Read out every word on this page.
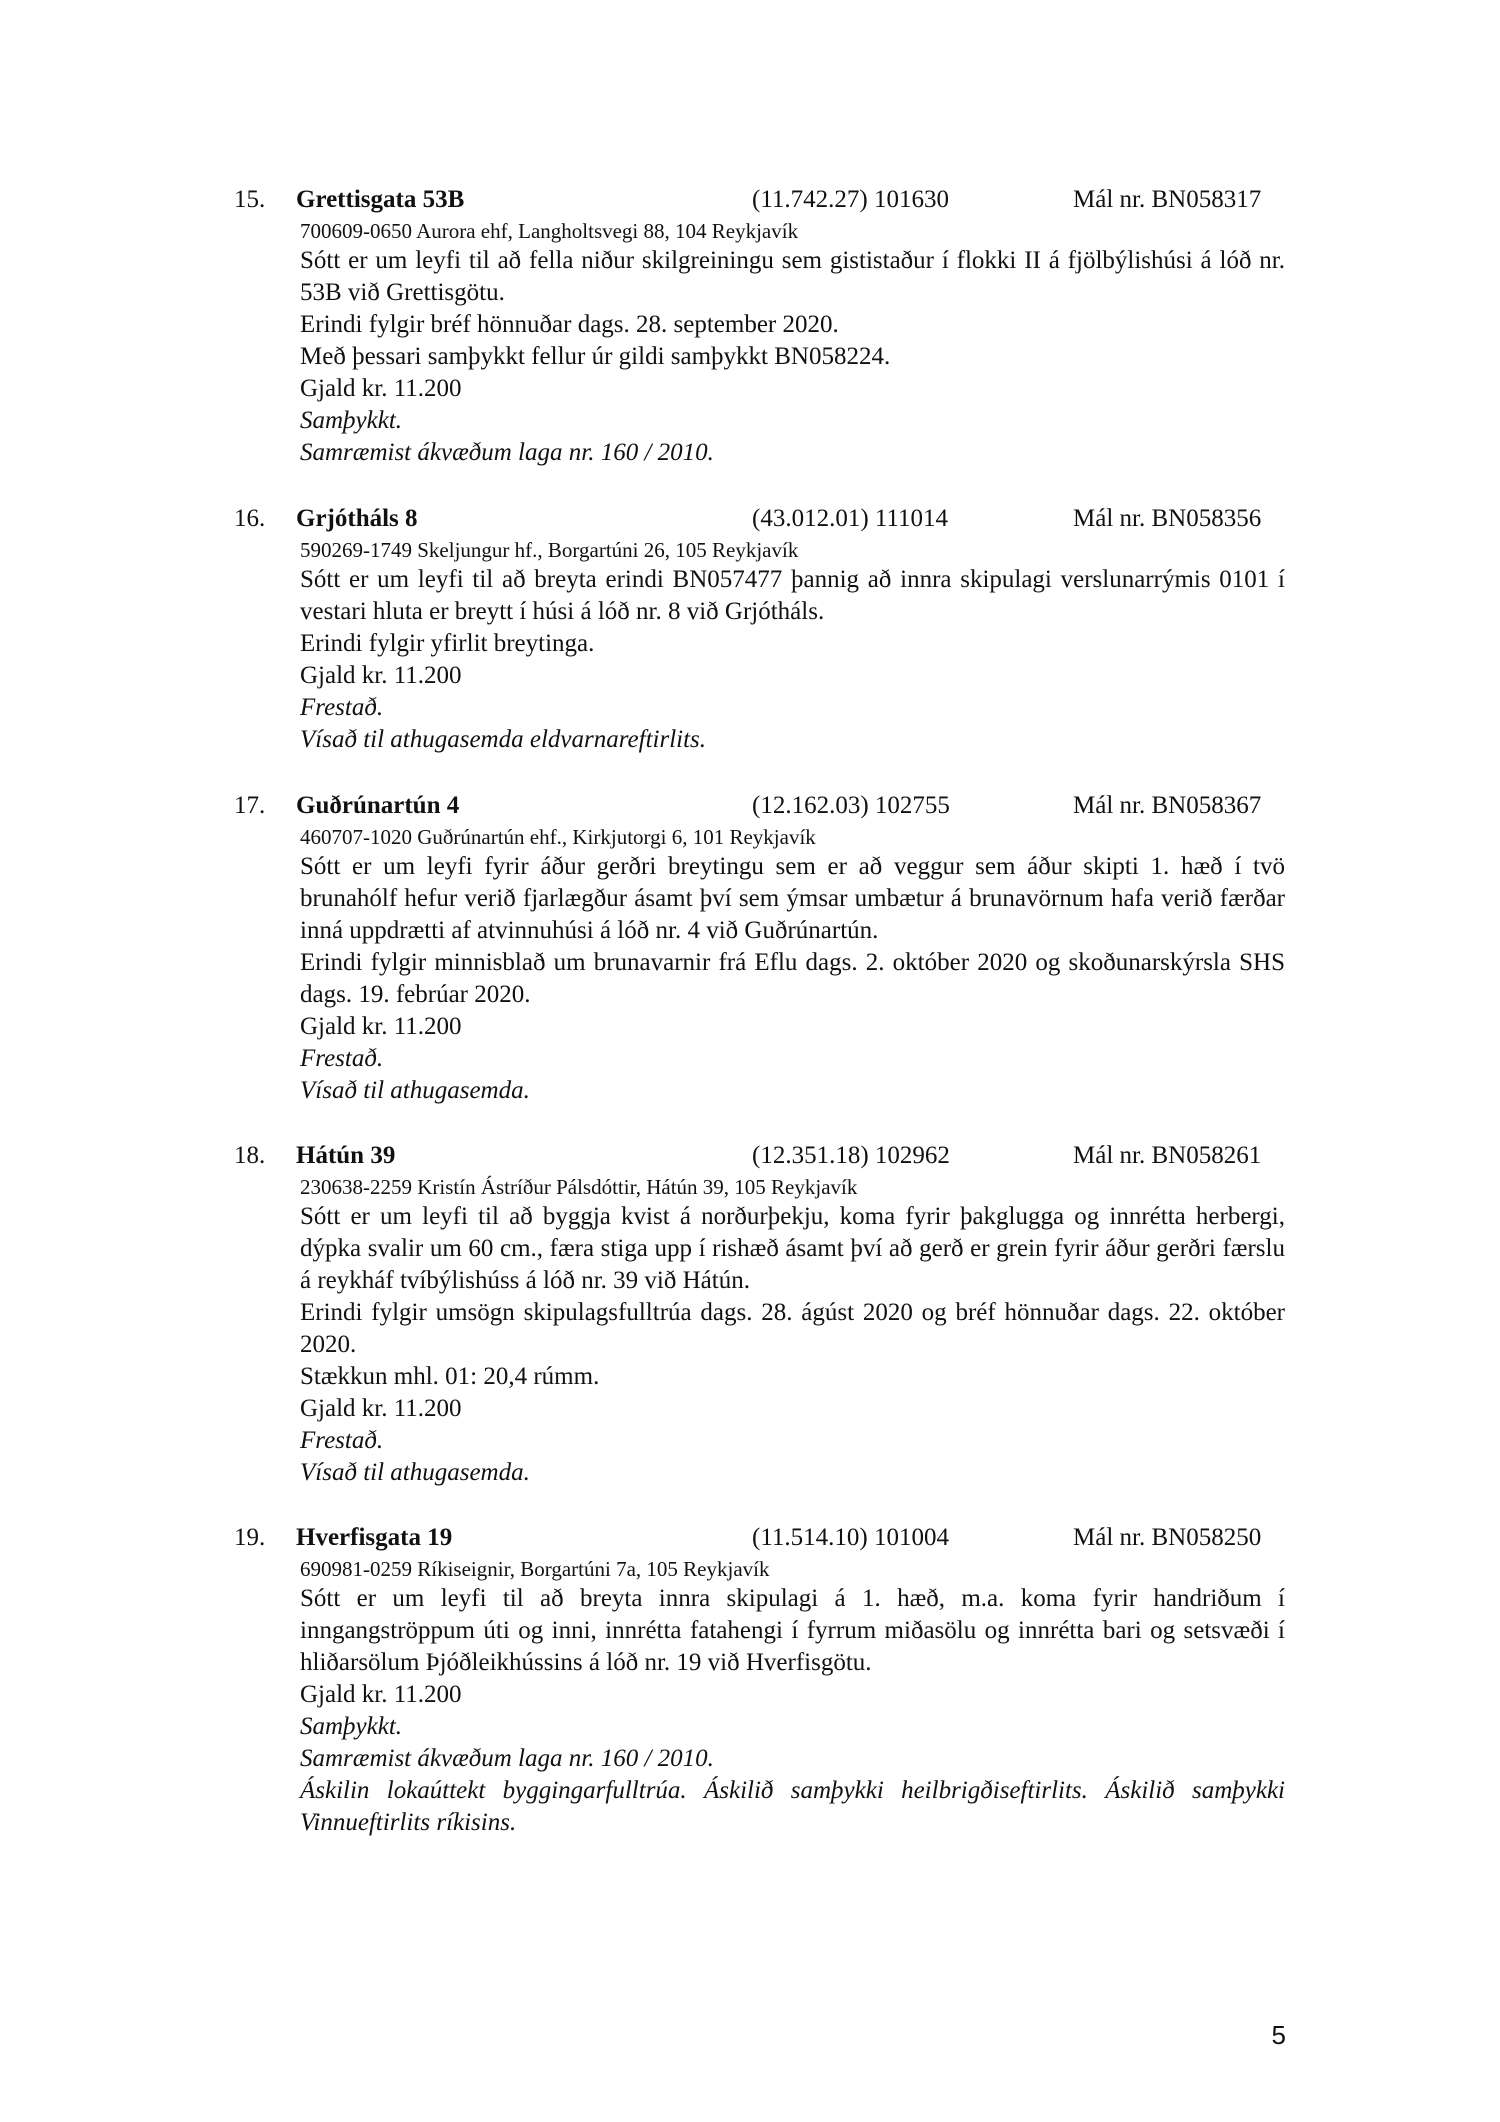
15. Grettisgata 53B	(11.742.27) 101630	Mál nr. BN058317
700609-0650 Aurora ehf, Langholtsvegi 88, 104 Reykjavík
Sótt er um leyfi til að fella niður skilgreiningu sem gististaður í flokki II á fjölbýlishúsi á lóð nr. 53B við Grettisgötu.
Erindi fylgir bréf hönnuðar dags. 28. september 2020.
Með þessari samþykkt fellur úr gildi samþykkt BN058224.
Gjald kr. 11.200
Samþykkt.
Samræmist ákvæðum laga nr. 160 / 2010.
16. Grjótháls 8	(43.012.01) 111014	Mál nr. BN058356
590269-1749 Skeljungur hf., Borgartúni 26, 105 Reykjavík
Sótt er um leyfi til að breyta erindi BN057477 þannig að innra skipulagi verslunarrýmis 0101 í vestari hluta er breytt í húsi á lóð nr. 8 við Grjótháls.
Erindi fylgir yfirlit breytinga.
Gjald kr. 11.200
Frestað.
Vísað til athugasemda eldvarnareftirlits.
17. Guðrúnartún 4	(12.162.03) 102755	Mál nr. BN058367
460707-1020 Guðrúnartún ehf., Kirkjutorgi 6, 101 Reykjavík
Sótt er um leyfi fyrir áður gerðri breytingu sem er að veggur sem áður skipti 1. hæð í tvö brunahólf hefur verið fjarlægður ásamt því sem ýmsar umbætur á brunavörnum hafa verið færðar inná uppdrætti af atvinnuhúsi á lóð nr. 4 við Guðrúnartún.
Erindi fylgir minnisblað um brunavarnir frá Eflu dags. 2. október 2020 og skoðunarskýrsla SHS dags. 19. febrúar 2020.
Gjald kr. 11.200
Frestað.
Vísað til athugasemda.
18. Hátún 39	(12.351.18) 102962	Mál nr. BN058261
230638-2259 Kristín Ástríður Pálsdóttir, Hátún 39, 105 Reykjavík
Sótt er um leyfi til að byggja kvist á norðurþekju, koma fyrir þakglugga og innrétta herbergi, dýpka svalir um 60 cm., færa stiga upp í rishæð ásamt því að gerð er grein fyrir áður gerðri færslu á reykháf tvíbýlishúss á lóð nr. 39 við Hátún.
Erindi fylgir umsögn skipulagsfulltrúa dags. 28. ágúst 2020 og bréf hönnuðar dags. 22. október 2020.
Stækkun mhl. 01: 20,4 rúmm.
Gjald kr. 11.200
Frestað.
Vísað til athugasemda.
19. Hverfisgata 19	(11.514.10) 101004	Mál nr. BN058250
690981-0259 Ríkiseignir, Borgartúni 7a, 105 Reykjavík
Sótt er um leyfi til að breyta innra skipulagi á 1. hæð, m.a. koma fyrir handriðum í inngangströppum úti og inni, innrétta fatahengi í fyrrum miðasölu og innrétta bari og setsvæði í hliðarsölum Þjóðleikhússins á lóð nr. 19 við Hverfisgötu.
Gjald kr. 11.200
Samþykkt.
Samræmist ákvæðum laga nr. 160 / 2010.
Áskilin lokaúttekt byggingarfulltrúa. Áskilið samþykki heilbrigðiseftirlits. Áskilið samþykki Vinnueftirlits ríkisins.
5
